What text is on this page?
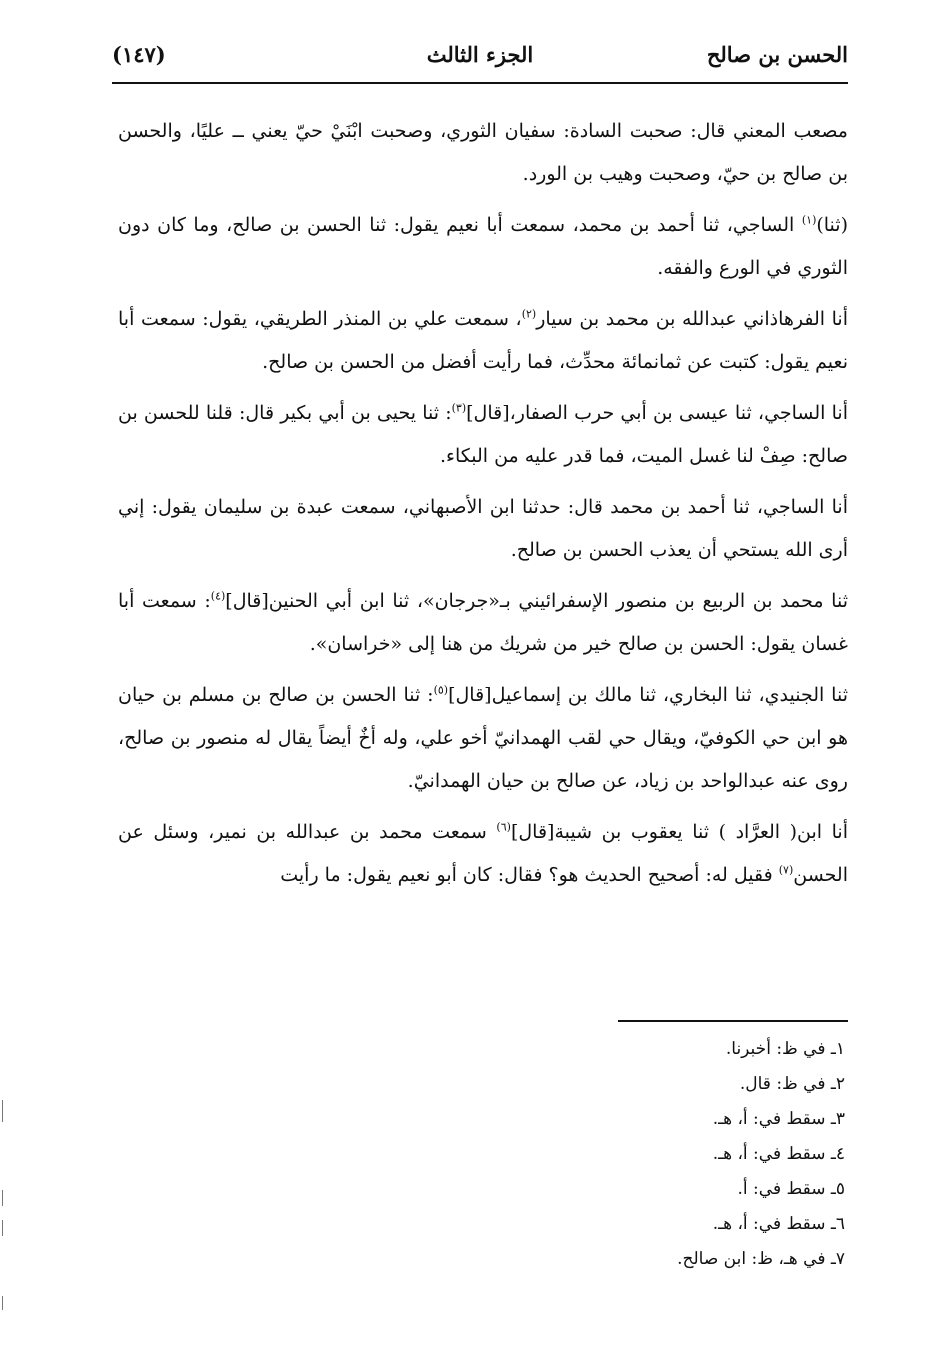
الحسن بن صالح
الجزء الثالث
(١٤٧)

مصعب المعني قال: صحبت السادة: سفيان الثوري، وصحبت ابْنَيْ حيّ يعني ــ عليًا، والحسن بن صالح بن حيّ، وصحبت وهيب بن الورد.

(ثنا)$^{(١)}$ الساجي، ثنا أحمد بن محمد، سمعت أبا نعيم يقول: ثنا الحسن بن صالح، وما كان دون الثوري في الورع والفقه.

أنا الفرهاذاني عبدالله بن محمد بن سيار$^{(٢)}$، سمعت علي بن المنذر الطريقي، يقول: سمعت أبا نعيم يقول: كتبت عن ثمانمائة محدِّث، فما رأيت أفضل من الحسن بن صالح.

أنا الساجي، ثنا عيسى بن أبي حرب الصفار،[قال]$^{(٣)}$: ثنا يحيى بن أبي بكير قال: قلنا للحسن بن صالح: صِفْ لنا غسل الميت، فما قدر عليه من البكاء.

أنا الساجي، ثنا أحمد بن محمد قال: حدثنا ابن الأصبهاني، سمعت عبدة بن سليمان يقول: إني أرى الله يستحي أن يعذب الحسن بن صالح.

ثنا محمد بن الربيع بن منصور الإسفرائيني بـ«جرجان»، ثنا ابن أبي الحنين[قال]$^{(٤)}$: سمعت أبا غسان يقول: الحسن بن صالح خير من شريك من هنا إلى «خراسان».

ثنا الجنيدي، ثنا البخاري، ثنا مالك بن إسماعيل[قال]$^{(٥)}$: ثنا الحسن بن صالح بن مسلم بن حيان هو ابن حي الكوفيّ، ويقال حي لقب الهمدانيّ أخو علي، وله أخٌ أيضاً يقال له منصور بن صالح، روى عنه عبدالواحد بن زياد، عن صالح بن حيان الهمدانيّ.

أنا ابن( العرَّاد ) ثنا يعقوب بن شيبة[قال]$^{(٦)}$ سمعت محمد بن عبدالله بن نمير، وسئل عن الحسن$^{(٧)}$ فقيل له: أصحيح الحديث هو؟ فقال: كان أبو نعيم يقول: ما رأيت

١ـ في ظ: أخبرنا.
٢ـ في ظ: قال.
٣ـ سقط في: أ، هـ.
٤ـ سقط في: أ، هـ.
٥ـ سقط في: أ.
٦ـ سقط في: أ، هـ.
٧ـ في هـ، ظ: ابن صالح.
